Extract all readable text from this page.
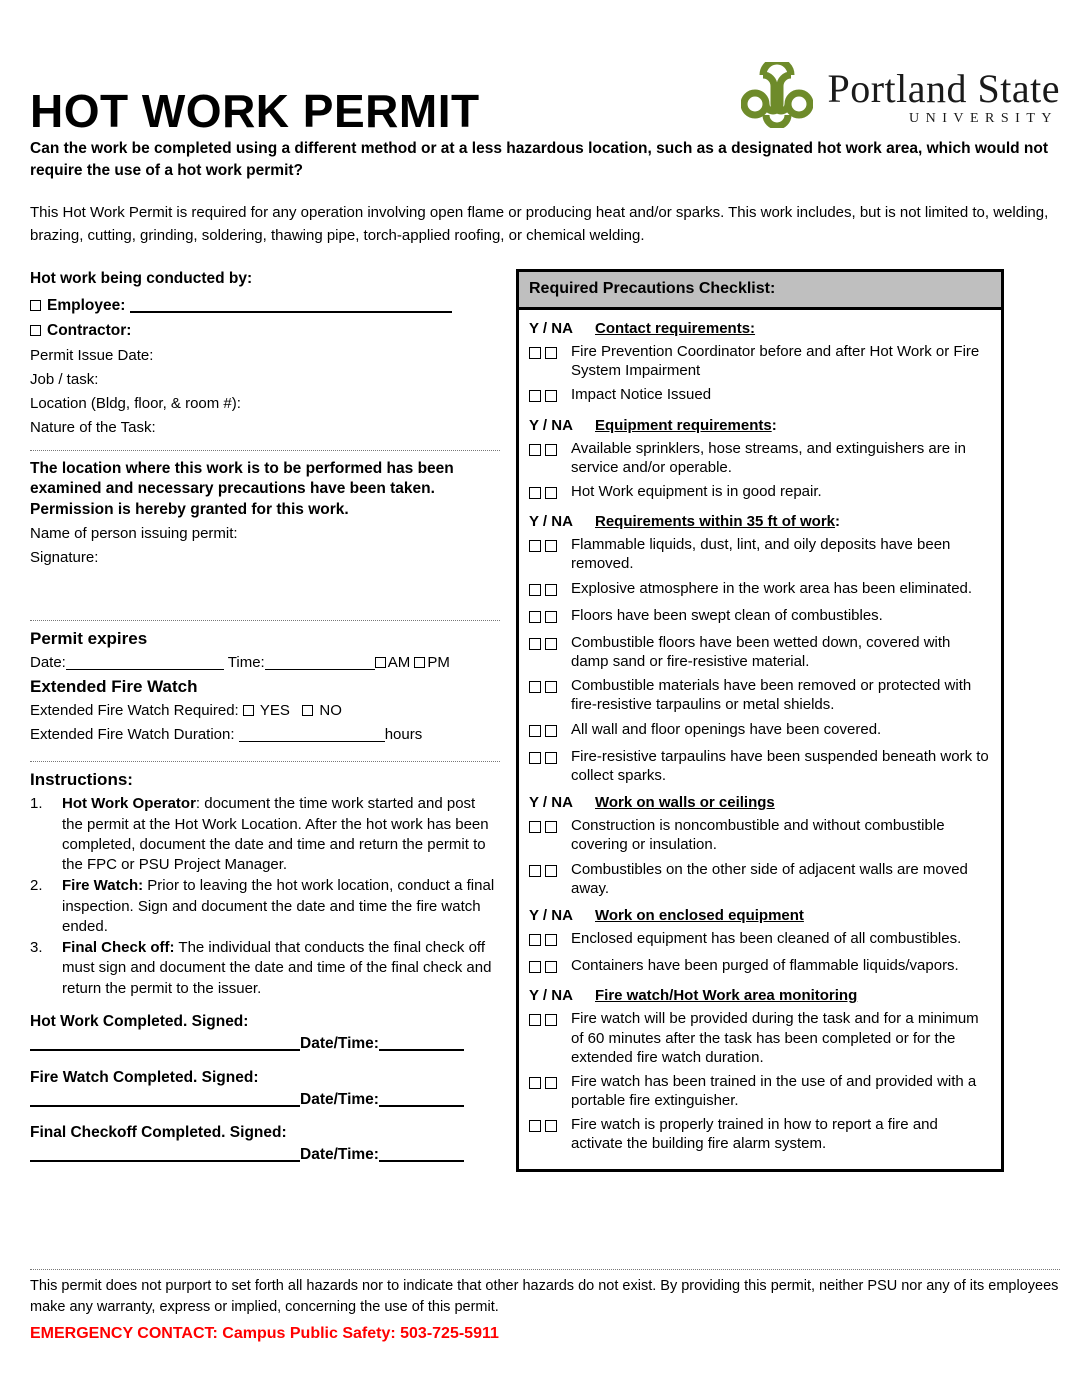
HOT WORK PERMIT	Portland State
UNIVERSITY

Can the work be completed using a different method or at a less hazardous location, such as a designated hot work area, which would not require the use of a hot work permit?

This Hot Work Permit is required for any operation involving open flame or producing heat and/or sparks. This work includes, but is not limited to, welding, brazing, cutting, grinding, soldering, thawing pipe, torch-applied roofing, or chemical welding.

Hot work being conducted by:
Employee:
Contractor:
Permit Issue Date:
Job / task:
Location (Bldg, floor, & room #):
Nature of the Task:
The location where this work is to be performed has been examined and necessary precautions have been taken. Permission is hereby granted for this work.
Name of person issuing permit:
Signature:
Permit expires
Date:	Time:	AM PM
Extended Fire Watch
Extended Fire Watch Required: YES NO
Extended Fire Watch Duration:	hours
Instructions:
1.	Hot Work Operator: document the time work started and post the permit at the Hot Work Location. After the hot work has been completed, document the date and time and return the permit to the FPC or PSU Project Manager.
2.	Fire Watch: Prior to leaving the hot work location, conduct a final inspection. Sign and document the date and time the fire watch ended.
3.	Final Check off: The individual that conducts the final check off must sign and document the date and time of the final check and return the permit to the issuer.
Hot Work Completed. Signed:
Date/Time:
Fire Watch Completed. Signed:
Date/Time:
Final Checkoff Completed. Signed:
Date/Time:
Required Precautions Checklist:
Y / NA Contact requirements:
Fire Prevention Coordinator before and after Hot Work or Fire System Impairment
Impact Notice Issued
Y / NA Equipment requirements:
Available sprinklers, hose streams, and extinguishers are in service and/or operable.
Hot Work equipment is in good repair.
Y / NA Requirements within 35 ft of work:
Flammable liquids, dust, lint, and oily deposits have been removed.
Explosive atmosphere in the work area has been eliminated.
Floors have been swept clean of combustibles.
Combustible floors have been wetted down, covered with damp sand or fire-resistive material.
Combustible materials have been removed or protected with fire-resistive tarpaulins or metal shields.
All wall and floor openings have been covered.
Fire-resistive tarpaulins have been suspended beneath work to collect sparks.
Y / NA Work on walls or ceilings
Construction is noncombustible and without combustible covering or insulation.
Combustibles on the other side of adjacent walls are moved away.
Y / NA Work on enclosed equipment
Enclosed equipment has been cleaned of all combustibles.
Containers have been purged of flammable liquids/vapors.
Y / NA Fire watch/Hot Work area monitoring
Fire watch will be provided during the task and for a minimum of 60 minutes after the task has been completed or for the extended fire watch duration.
Fire watch has been trained in the use of and provided with a portable fire extinguisher.
Fire watch is properly trained in how to report a fire and activate the building fire alarm system.

This permit does not purport to set forth all hazards nor to indicate that other hazards do not exist. By providing this permit, neither PSU nor any of its employees make any warranty, express or implied, concerning the use of this permit.

EMERGENCY CONTACT: Campus Public Safety: 503-725-5911
